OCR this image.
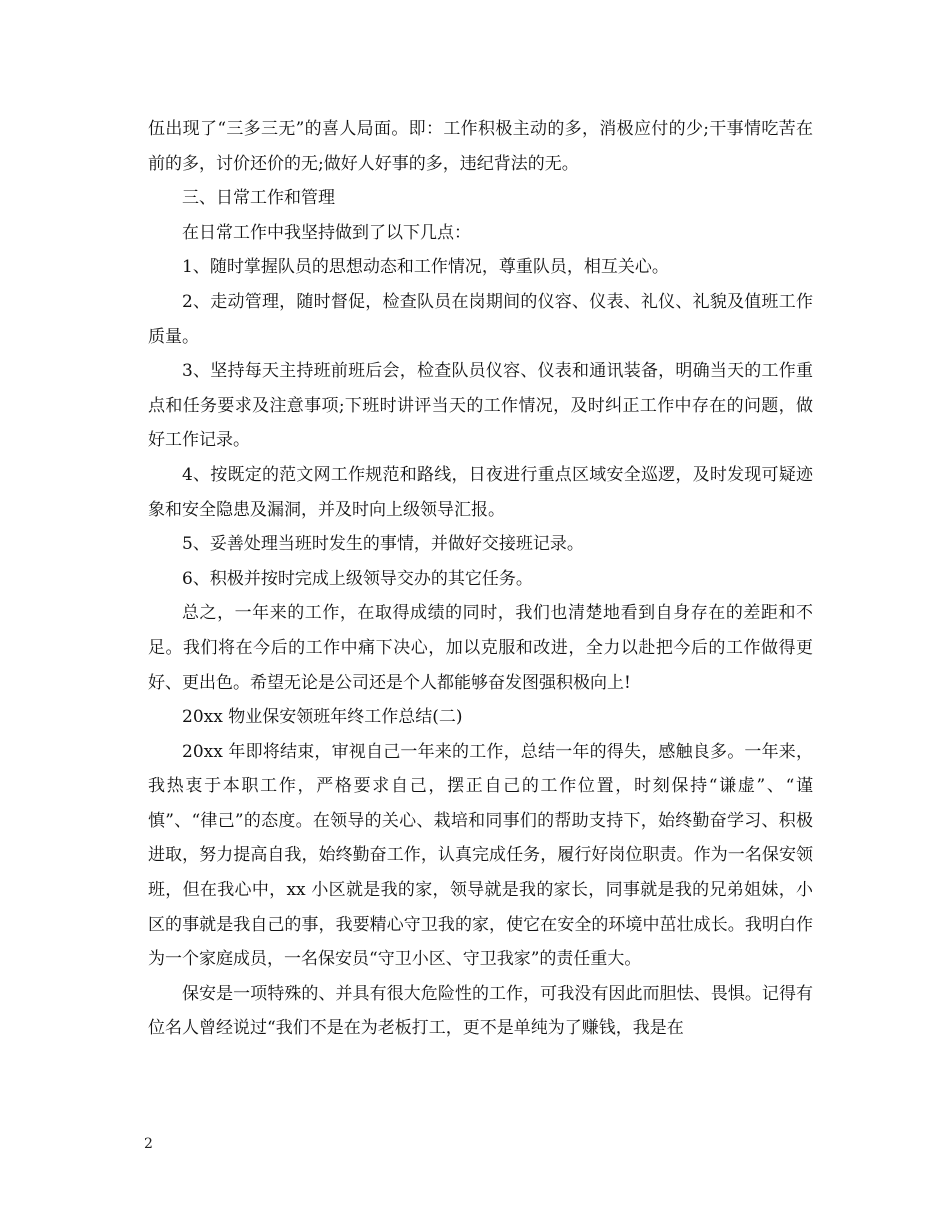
伍出现了“三多三无”的喜人局面。即：工作积极主动的多，消极应付的少;干事情吃苦在前的多，讨价还价的无;做好人好事的多，违纪背法的无。

三、日常工作和管理

在日常工作中我坚持做到了以下几点：

1、随时掌握队员的思想动态和工作情况，尊重队员，相互关心。

2、走动管理，随时督促，检查队员在岗期间的仪容、仪表、礼仪、礼貌及值班工作质量。

3、坚持每天主持班前班后会，检查队员仪容、仪表和通讯装备，明确当天的工作重点和任务要求及注意事项;下班时讲评当天的工作情况，及时纠正工作中存在的问题，做好工作记录。

4、按既定的范文网工作规范和路线，日夜进行重点区域安全巡逻，及时发现可疑迹象和安全隐患及漏洞，并及时向上级领导汇报。

5、妥善处理当班时发生的事情，并做好交接班记录。

6、积极并按时完成上级领导交办的其它任务。

总之，一年来的工作，在取得成绩的同时，我们也清楚地看到自身存在的差距和不足。我们将在今后的工作中痛下决心，加以克服和改进，全力以赴把今后的工作做得更好、更出色。希望无论是公司还是个人都能够奋发图强积极向上!

20xx 物业保安领班年终工作总结(二)

20xx 年即将结束，审视自己一年来的工作，总结一年的得失，感触良多。一年来，我热衷于本职工作，严格要求自己，摆正自己的工作位置，时刻保持“谦虚”、“谨慎”、“律己”的态度。在领导的关心、栽培和同事们的帮助支持下，始终勤奋学习、积极进取，努力提高自我，始终勤奋工作，认真完成任务，履行好岗位职责。作为一名保安领班，但在我心中，xx 小区就是我的家，领导就是我的家长，同事就是我的兄弟姐妹，小区的事就是我自己的事，我要精心守卫我的家，使它在安全的环境中茁壮成长。我明白作为一个家庭成员，一名保安员“守卫小区、守卫我家”的责任重大。

保安是一项特殊的、并具有很大危险性的工作，可我没有因此而胆怯、畏惧。记得有位名人曾经说过“我们不是在为老板打工，更不是单纯为了赚钱，我是在

2
